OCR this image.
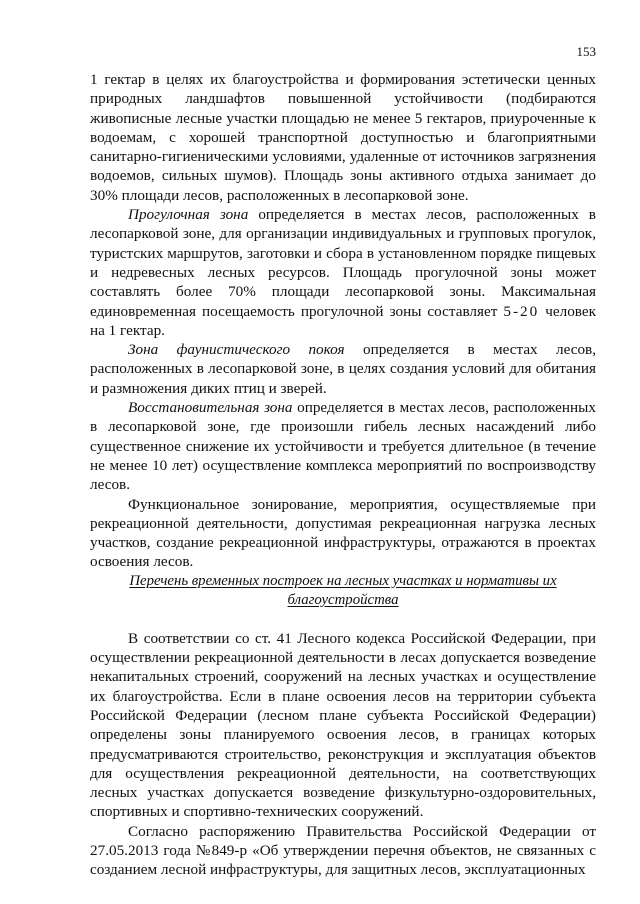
153

1 гектар в целях их благоустройства и формирования эстетически ценных природных ландшафтов повышенной устойчивости (подбираются живописные лесные участки площадью не менее 5 гектаров, приуроченные к водоемам, с хорошей транспортной доступностью и благоприятными санитарно-гигиеническими условиями, удаленные от источников загрязнения водоемов, сильных шумов). Площадь зоны активного отдыха занимает до 30% площади лесов, расположенных в лесопарковой зоне.

Прогулочная зона определяется в местах лесов, расположенных в лесопарковой зоне, для организации индивидуальных и групповых прогулок, туристских маршрутов, заготовки и сбора в установленном порядке пищевых и недревесных лесных ресурсов. Площадь прогулочной зоны может составлять более 70% площади лесопарковой зоны. Максимальная единовременная посещаемость прогулочной зоны составляет 5-20 человек на 1 гектар.

Зона фаунистического покоя определяется в местах лесов, расположенных в лесопарковой зоне, в целях создания условий для обитания и размножения диких птиц и зверей.

Восстановительная зона определяется в местах лесов, расположенных в лесопарковой зоне, где произошли гибель лесных насаждений либо существенное снижение их устойчивости и требуется длительное (в течение не менее 10 лет) осуществление комплекса мероприятий по воспроизводству лесов.

Функциональное зонирование, мероприятия, осуществляемые при рекреационной деятельности, допустимая рекреационная нагрузка лесных участков, создание рекреационной инфраструктуры, отражаются в проектах освоения лесов.

Перечень временных построек на лесных участках и нормативы их благоустройства

В соответствии со ст. 41 Лесного кодекса Российской Федерации, при осуществлении рекреационной деятельности в лесах допускается возведение некапитальных строений, сооружений на лесных участках и осуществление их благоустройства. Если в плане освоения лесов на территории субъекта Российской Федерации (лесном плане субъекта Российской Федерации) определены зоны планируемого освоения лесов, в границах которых предусматриваются строительство, реконструкция и эксплуатация объектов для осуществления рекреационной деятельности, на соответствующих лесных участках допускается возведение физкультурно-оздоровительных, спортивных и спортивно-технических сооружений.

Согласно распоряжению Правительства Российской Федерации от 27.05.2013 года №849-р «Об утверждении перечня объектов, не связанных с созданием лесной инфраструктуры, для защитных лесов, эксплуатационных
